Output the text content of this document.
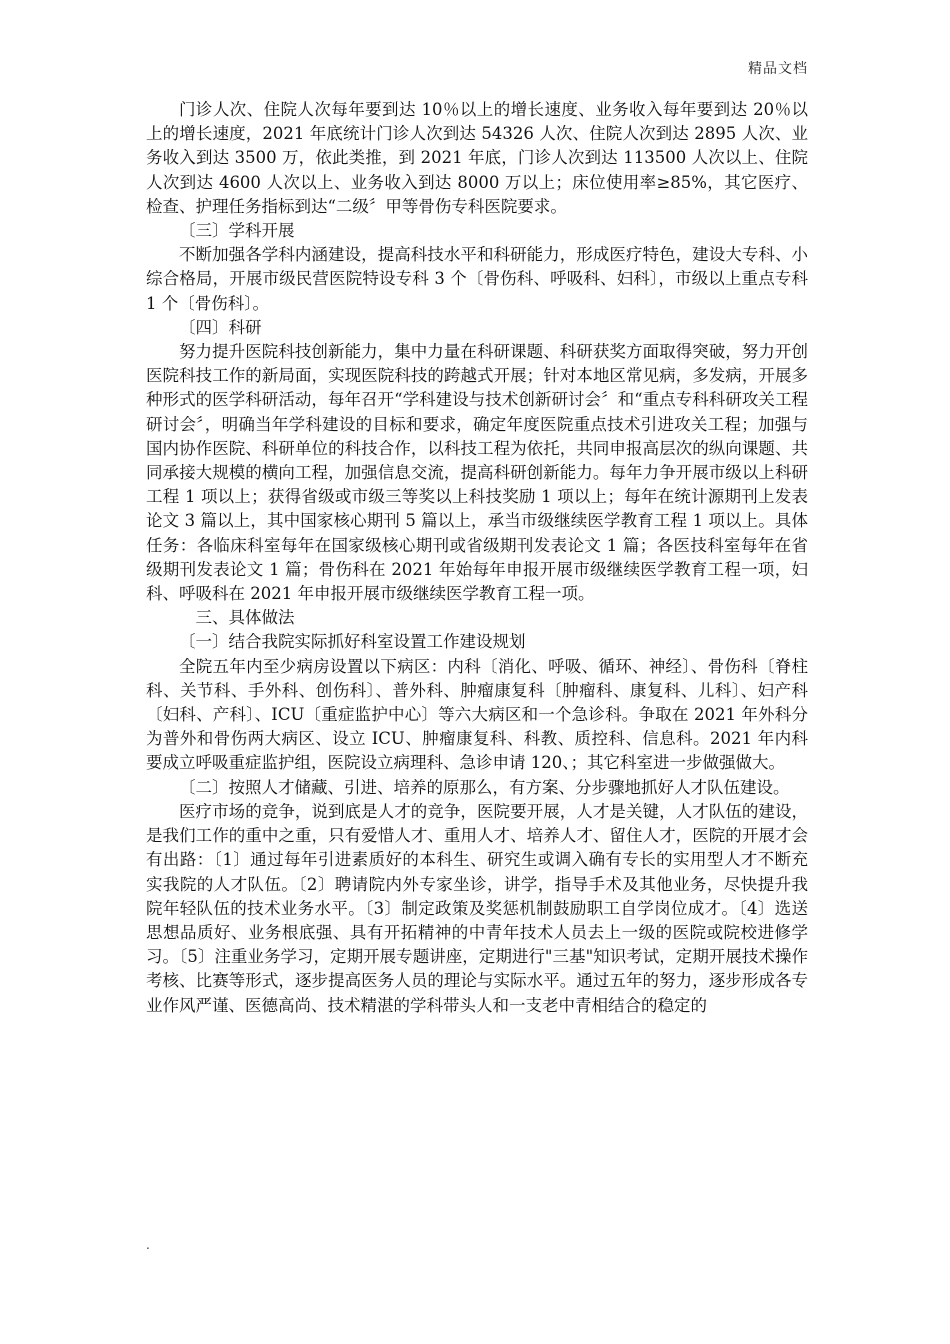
精品文档

门诊人次、住院人次每年要到达 10％以上的增长速度、业务收入每年要到达 20％以上的增长速度，2021 年底统计门诊人次到达 54326 人次、住院人次到达 2895 人次、业务收入到达 3500 万，依此类推，到 2021 年底，门诊人次到达 113500 人次以上、住院人次到达 4600 人次以上、业务收入到达 8000 万以上；床位使用率≥85%，其它医疗、检查、护理任务指标到达“二级〞甲等骨伤专科医院要求。

〔三〕学科开展

不断加强各学科内涵建设，提高科技水平和科研能力，形成医疗特色，建设大专科、小综合格局，开展市级民营医院特设专科 3 个〔骨伤科、呼吸科、妇科〕，市级以上重点专科 1 个〔骨伤科〕。

〔四〕科研

努力提升医院科技创新能力，集中力量在科研课题、科研获奖方面取得突破，努力开创医院科技工作的新局面，实现医院科技的跨越式开展；针对本地区常见病，多发病，开展多种形式的医学科研活动，每年召开“学科建设与技术创新研讨会〞和“重点专科科研攻关工程研讨会〞，明确当年学科建设的目标和要求，确定年度医院重点技术引进攻关工程；加强与国内协作医院、科研单位的科技合作，以科技工程为依托，共同申报高层次的纵向课题、共同承接大规模的横向工程，加强信息交流，提高科研创新能力。每年力争开展市级以上科研工程 1 项以上；获得省级或市级三等奖以上科技奖励 1 项以上；每年在统计源期刊上发表论文 3 篇以上，其中国家核心期刊 5 篇以上，承当市级继续医学教育工程 1 项以上。具体任务：各临床科室每年在国家级核心期刊或省级期刊发表论文 1 篇；各医技科室每年在省级期刊发表论文 1 篇；骨伤科在 2021 年始每年申报开展市级继续医学教育工程一项，妇科、呼吸科在 2021 年申报开展市级继续医学教育工程一项。

三、具体做法

〔一〕结合我院实际抓好科室设置工作建设规划

全院五年内至少病房设置以下病区：内科〔消化、呼吸、循环、神经〕、骨伤科〔脊柱科、关节科、手外科、创伤科〕、普外科、肿瘤康复科〔肿瘤科、康复科、儿科〕、妇产科〔妇科、产科〕、ICU〔重症监护中心〕等六大病区和一个急诊科。争取在 2021 年外科分为普外和骨伤两大病区、设立 ICU、肿瘤康复科、科教、质控科、信息科。2021 年内科要成立呼吸重症监护组，医院设立病理科、急诊申请 120、；其它科室进一步做强做大。

〔二〕按照人才储藏、引进、培养的原那么，有方案、分步骤地抓好人才队伍建设。

医疗市场的竞争，说到底是人才的竞争，医院要开展，人才是关键，人才队伍的建设，是我们工作的重中之重，只有爱惜人才、重用人才、培养人才、留住人才，医院的开展才会有出路：〔1〕通过每年引进素质好的本科生、研究生或调入确有专长的实用型人才不断充实我院的人才队伍。〔2〕聘请院内外专家坐诊，讲学，指导手术及其他业务，尽快提升我院年轻队伍的技术业务水平。〔3〕制定政策及奖惩机制鼓励职工自学岗位成才。〔4〕选送思想品质好、业务根底强、具有开拓精神的中青年技术人员去上一级的医院或院校进修学习。〔5〕注重业务学习，定期开展专题讲座，定期进行"三基"知识考试，定期开展技术操作考核、比赛等形式，逐步提高医务人员的理论与实际水平。通过五年的努力，逐步形成各专业作风严谨、医德高尚、技术精湛的学科带头人和一支老中青相结合的稳定的

.
